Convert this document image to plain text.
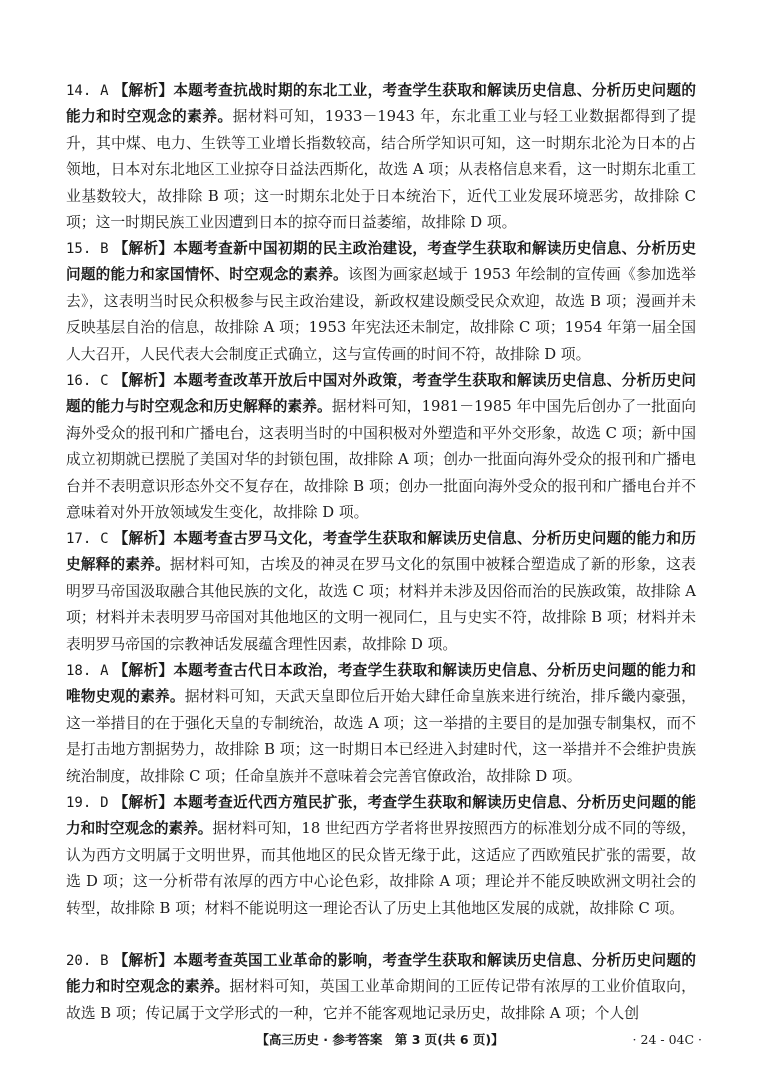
14. A 【解析】本题考查抗战时期的东北工业，考查学生获取和解读历史信息、分析历史问题的能力和时空观念的素养。据材料可知，1933－1943 年，东北重工业与轻工业数据都得到了提升，其中煤、电力、生铁等工业增长指数较高，结合所学知识可知，这一时期东北沦为日本的占领地，日本对东北地区工业掠夺日益法西斯化，故选 A 项；从表格信息来看，这一时期东北重工业基数较大，故排除 B 项；这一时期东北处于日本统治下，近代工业发展环境恶劣，故排除 C 项；这一时期民族工业因遭到日本的掠夺而日益萎缩，故排除 D 项。

15. B 【解析】本题考查新中国初期的民主政治建设，考查学生获取和解读历史信息、分析历史问题的能力和家国情怀、时空观念的素养。该图为画家赵域于 1953 年绘制的宣传画《参加选举去》，这表明当时民众积极参与民主政治建设，新政权建设颇受民众欢迎，故选 B 项；漫画并未反映基层自治的信息，故排除 A 项；1953 年宪法还未制定，故排除 C 项；1954 年第一届全国人大召开，人民代表大会制度正式确立，这与宣传画的时间不符，故排除 D 项。

16. C 【解析】本题考查改革开放后中国对外政策，考查学生获取和解读历史信息、分析历史问题的能力与时空观念和历史解释的素养。据材料可知，1981－1985 年中国先后创办了一批面向海外受众的报刊和广播电台，这表明当时的中国积极对外塑造和平外交形象，故选 C 项；新中国成立初期就已摆脱了美国对华的封锁包围，故排除 A 项；创办一批面向海外受众的报刊和广播电台并不表明意识形态外交不复存在，故排除 B 项；创办一批面向海外受众的报刊和广播电台并不意味着对外开放领域发生变化，故排除 D 项。

17. C 【解析】本题考查古罗马文化，考查学生获取和解读历史信息、分析历史问题的能力和历史解释的素养。据材料可知，古埃及的神灵在罗马文化的氛围中被糅合塑造成了新的形象，这表明罗马帝国汲取融合其他民族的文化，故选 C 项；材料并未涉及因俗而治的民族政策，故排除 A 项；材料并未表明罗马帝国对其他地区的文明一视同仁，且与史实不符，故排除 B 项；材料并未表明罗马帝国的宗教神话发展蕴含理性因素，故排除 D 项。

18. A 【解析】本题考查古代日本政治，考查学生获取和解读历史信息、分析历史问题的能力和唯物史观的素养。据材料可知，天武天皇即位后开始大肆任命皇族来进行统治，排斥畿内豪强，这一举措目的在于强化天皇的专制统治，故选 A 项；这一举措的主要目的是加强专制集权，而不是打击地方割据势力，故排除 B 项；这一时期日本已经进入封建时代，这一举措并不会维护贵族统治制度，故排除 C 项；任命皇族并不意味着会完善官僚政治，故排除 D 项。

19. D 【解析】本题考查近代西方殖民扩张，考查学生获取和解读历史信息、分析历史问题的能力和时空观念的素养。据材料可知，18 世纪西方学者将世界按照西方的标准划分成不同的等级，认为西方文明属于文明世界，而其他地区的民众皆无缘于此，这适应了西欧殖民扩张的需要，故选 D 项；这一分析带有浓厚的西方中心论色彩，故排除 A 项；理论并不能反映欧洲文明社会的转型，故排除 B 项；材料不能说明这一理论否认了历史上其他地区发展的成就，故排除 C 项。

20. B 【解析】本题考查英国工业革命的影响，考查学生获取和解读历史信息、分析历史问题的能力和时空观念的素养。据材料可知，英国工业革命期间的工匠传记带有浓厚的工业价值取向，故选 B 项；传记属于文学形式的一种，它并不能客观地记录历史，故排除 A 项；个人创

【高三历史 · 参考答案　第 3 页(共 6 页)】	· 24 - 04C ·
